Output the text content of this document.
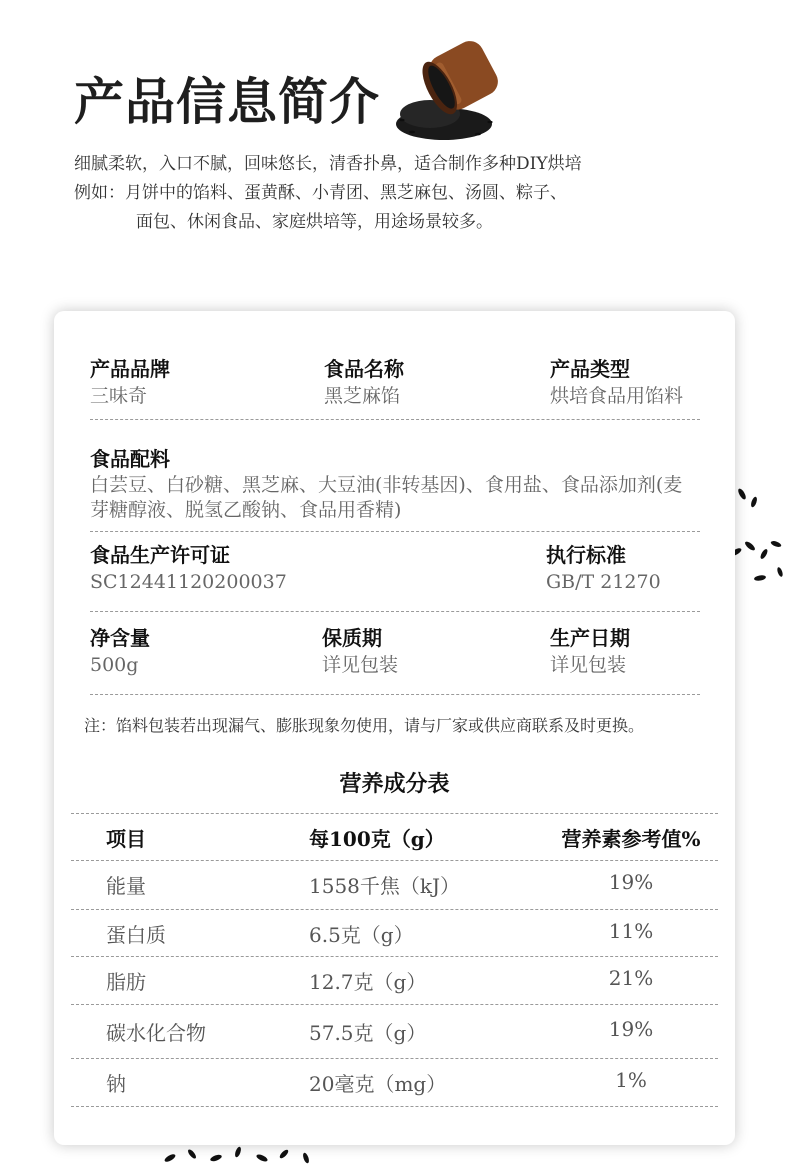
产品信息简介
细腻柔软，入口不腻，回味悠长，清香扑鼻，适合制作多种DIY烘培
例如：月饼中的馅料、蛋黄酥、小青团、黑芝麻包、汤圆、粽子、
面包、休闲食品、家庭烘培等，用途场景较多。
产品品牌
三味奇
食品名称
黑芝麻馅
产品类型
烘培食品用馅料
食品配料
白芸豆、白砂糖、黑芝麻、大豆油(非转基因)、食用盐、食品添加剂(麦芽糖醇液、脱氢乙酸钠、食品用香精)
食品生产许可证
SC12441120200037
执行标准
GB/T 21270
净含量
500g
保质期
详见包装
生产日期
详见包装
注：馅料包装若出现漏气、膨胀现象勿使用，请与厂家或供应商联系及时更换。
营养成分表
项目	每100克（g）	营养素参考值%
能量	1558千焦（kJ）	19%
蛋白质	6.5克（g）	11%
脂肪	12.7克（g）	21%
碳水化合物	57.5克（g）	19%
钠	20毫克（mg）	1%
